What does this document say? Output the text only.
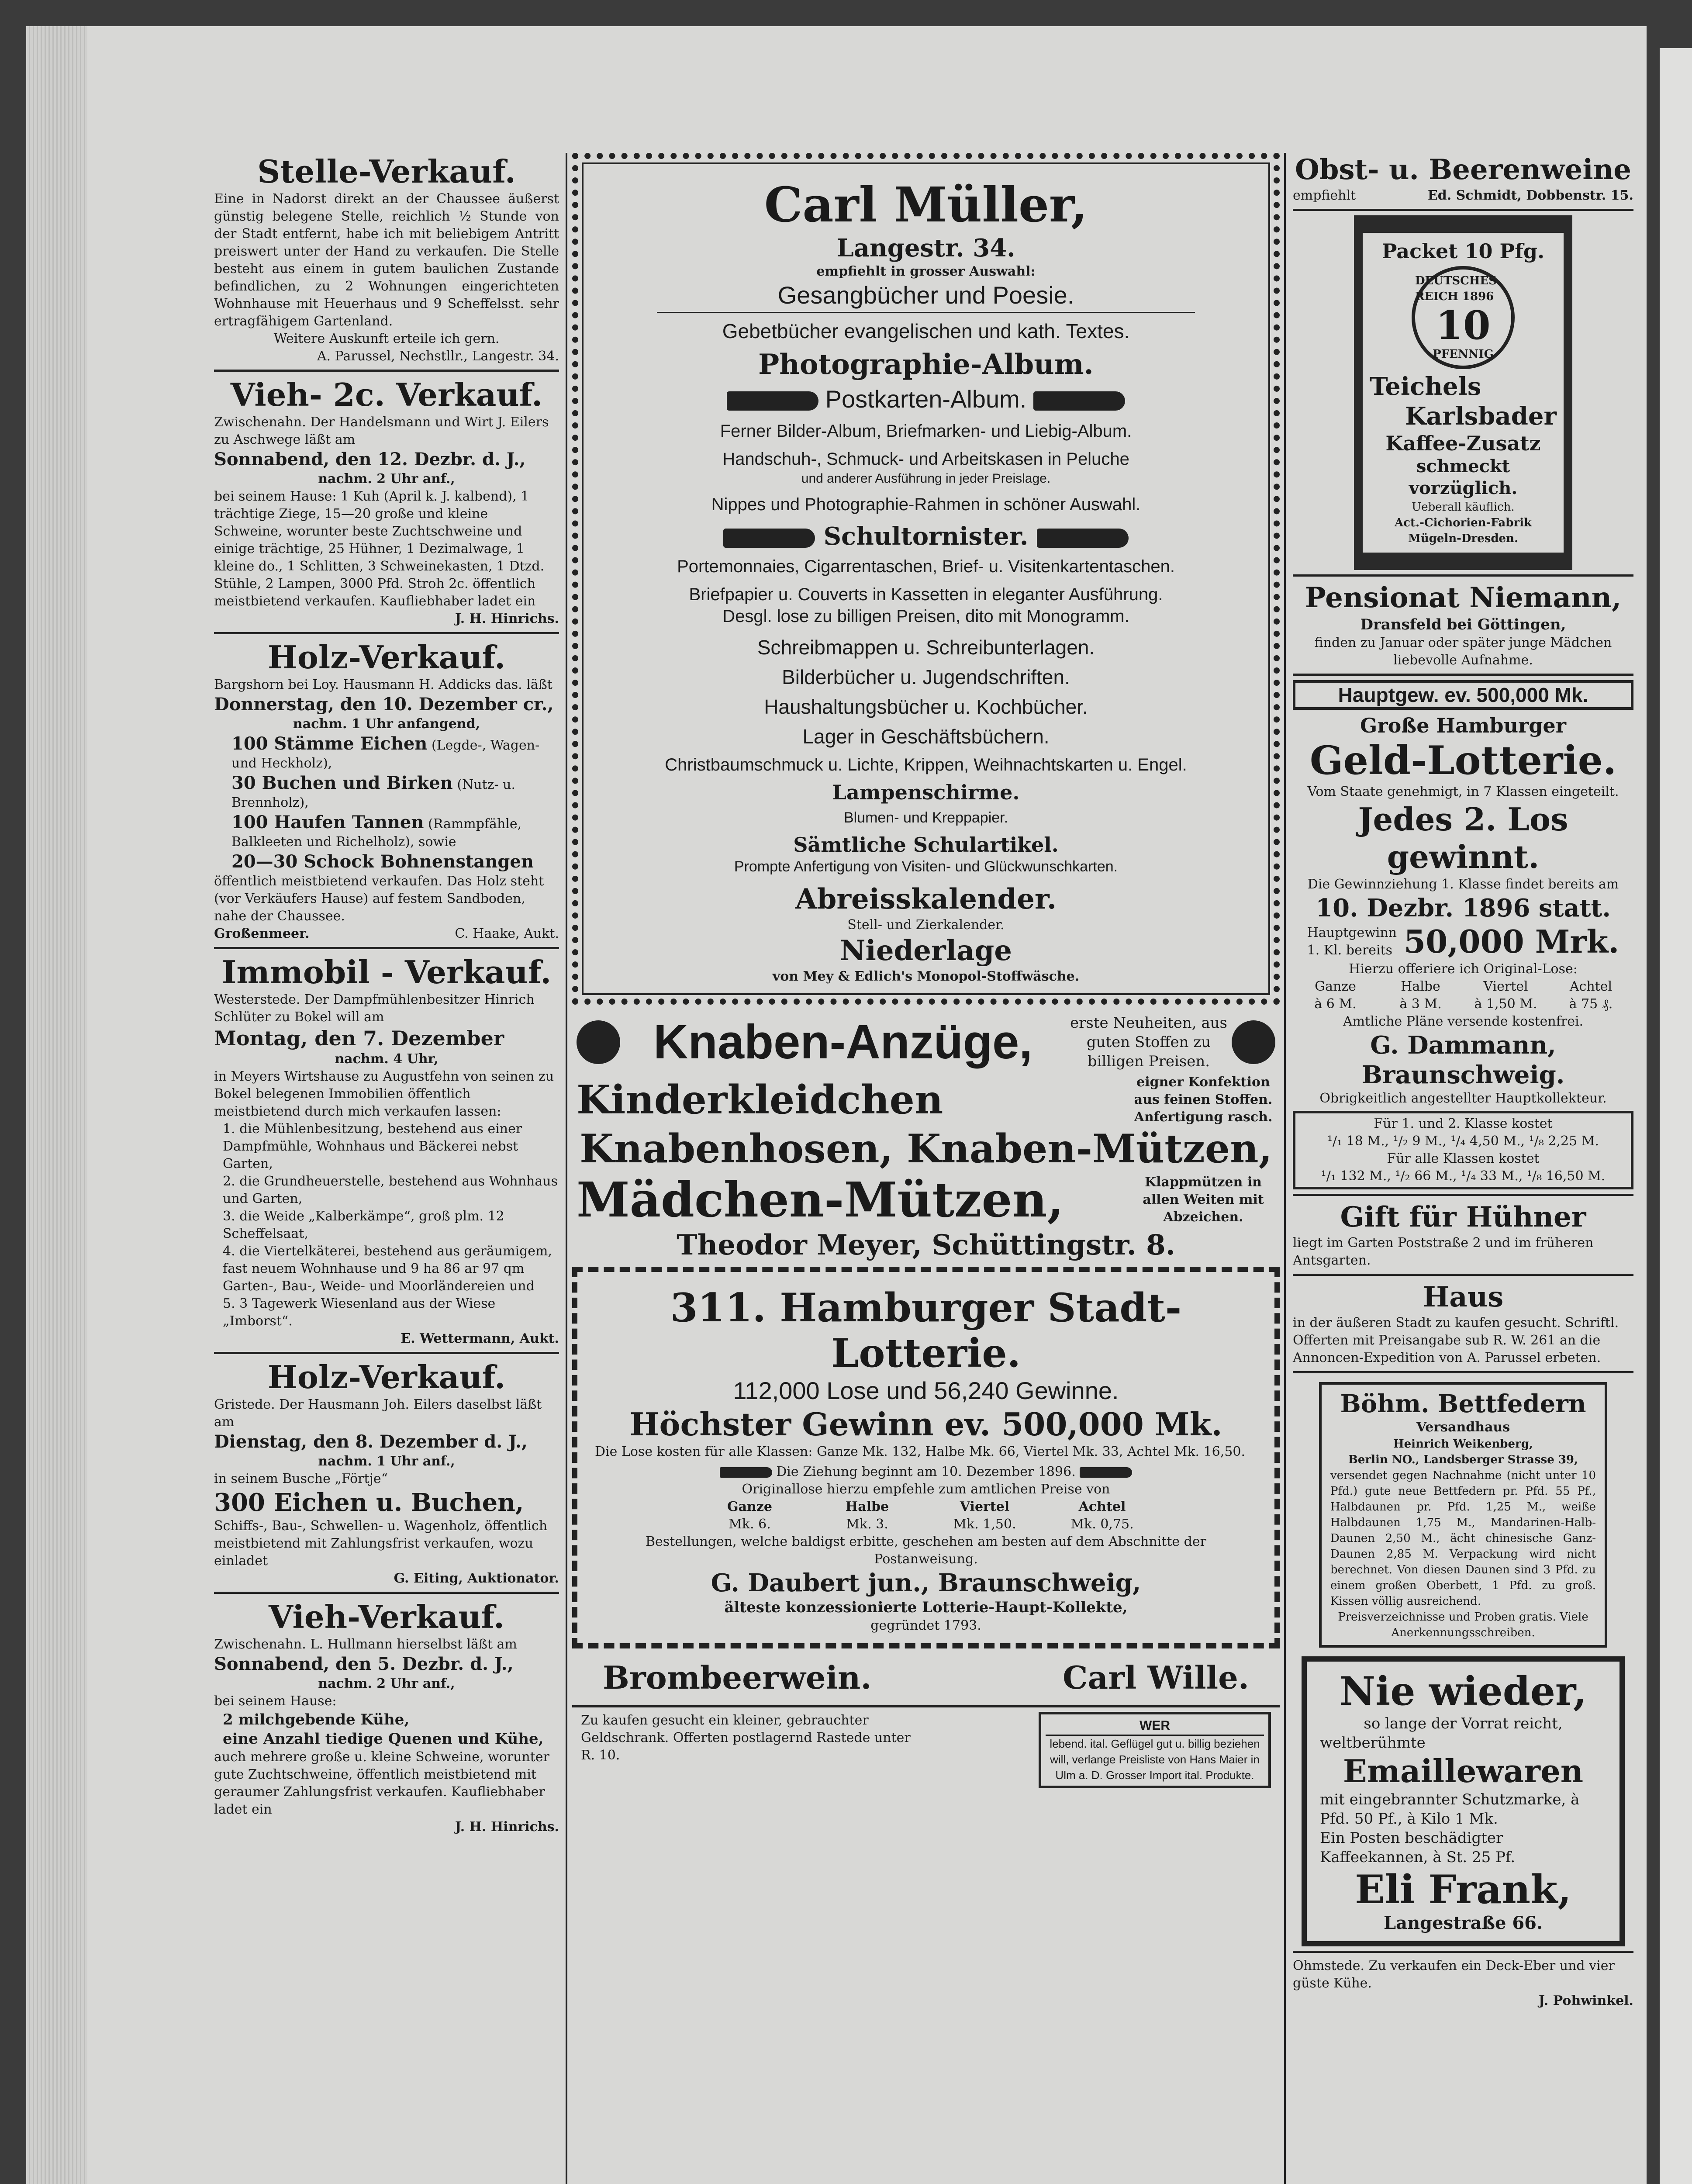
Stelle-Verkauf.
Eine in Nadorst direkt an der Chaussee äußerst günstig belegene Stelle, reichlich ½ Stunde von der Stadt entfernt, habe ich mit beliebigem Antritt preiswert unter der Hand zu verkaufen. Die Stelle besteht aus einem in gutem baulichen Zustande befindlichen, zu 2 Wohnungen eingerichteten Wohnhause mit Heuerhaus und 9 Scheffelsst. sehr ertragfähigem Gartenland.
Weitere Auskunft erteile ich gern.
A. Parussel, Nechstllr., Langestr. 34.
Vieh- 2c. Verkauf.
Zwischenahn. Der Handelsmann und Wirt J. Eilers zu Aschwege läßt am
Sonnabend, den 12. Dezbr. d. J.,
nachm. 2 Uhr anf.,
bei seinem Hause: 1 Kuh (April k. J. kalbend), 1 trächtige Ziege, 15—20 große und kleine Schweine, worunter beste Zuchtschweine und einige trächtige, 25 Hühner, 1 Dezimalwage, 1 kleine do., 1 Schlitten, 3 Schweinekasten, 1 Dtzd. Stühle, 2 Lampen, 3000 Pfd. Stroh 2c. öffentlich meistbietend verkaufen. Kaufliebhaber ladet ein
J. H. Hinrichs.
Holz-Verkauf.
Bargshorn bei Loy. Hausmann H. Addicks das. läßt
Donnerstag, den 10. Dezember cr.,
nachm. 1 Uhr anfangend,
100 Stämme Eichen (Legde-, Wagen- und Heckholz),
30 Buchen und Birken (Nutz- u. Brennholz),
100 Haufen Tannen (Rammpfähle, Balkleeten und Richelholz), sowie
20—30 Schock Bohnenstangen
öffentlich meistbietend verkaufen. Das Holz steht (vor Verkäufers Hause) auf festem Sandboden, nahe der Chaussee.
Großenmeer.	C. Haake, Aukt.
Immobil - Verkauf.
Westerstede. Der Dampfmühlenbesitzer Hinrich Schlüter zu Bokel will am
Montag, den 7. Dezember
nachm. 4 Uhr,
in Meyers Wirtshause zu Augustfehn von seinen zu Bokel belegenen Immobilien öffentlich meistbietend durch mich verkaufen lassen:
1. die Mühlenbesitzung, bestehend aus einer Dampfmühle, Wohnhaus und Bäckerei nebst Garten,
2. die Grundheuerstelle, bestehend aus Wohnhaus und Garten,
3. die Weide „Kalberkämpe“, groß plm. 12 Scheffelsaat,
4. die Viertelkäterei, bestehend aus geräumigem, fast neuem Wohnhause und 9 ha 86 ar 97 qm Garten-, Bau-, Weide- und Moorländereien und
5. 3 Tagewerk Wiesenland aus der Wiese „Imborst“.
E. Wettermann, Aukt.
Holz-Verkauf.
Gristede. Der Hausmann Joh. Eilers daselbst läßt am
Dienstag, den 8. Dezember d. J.,
nachm. 1 Uhr anf.,
in seinem Busche „Förtje“
300 Eichen u. Buchen,
Schiffs-, Bau-, Schwellen- u. Wagenholz, öffentlich meistbietend mit Zahlungsfrist verkaufen, wozu einladet
G. Eiting, Auktionator.
Vieh-Verkauf.
Zwischenahn. L. Hullmann hierselbst läßt am
Sonnabend, den 5. Dezbr. d. J.,
nachm. 2 Uhr anf.,
bei seinem Hause:
2 milchgebende Kühe,
eine Anzahl tiedige Quenen und Kühe,
auch mehrere große u. kleine Schweine, worunter gute Zuchtschweine, öffentlich meistbietend mit geraumer Zahlungsfrist verkaufen. Kaufliebhaber ladet ein
J. H. Hinrichs.
Carl Müller,
Langestr. 34.
empfiehlt in grosser Auswahl:
Gesangbücher und Poesie.
Gebetbücher evangelischen und kath. Textes.
Photographie-Album.
Postkarten-Album.
Ferner Bilder-Album, Briefmarken- und Liebig-Album.
Handschuh-, Schmuck- und Arbeitskasen in Peluche
und anderer Ausführung in jeder Preislage.
Nippes und Photographie-Rahmen in schöner Auswahl.
Schultornister.
Portemonnaies, Cigarrentaschen, Brief- u. Visitenkartentaschen.
Briefpapier u. Couverts in Kassetten in eleganter Ausführung.
Desgl. lose zu billigen Preisen, dito mit Monogramm.
Schreibmappen u. Schreibunterlagen.
Bilderbücher u. Jugendschriften.
Haushaltungsbücher u. Kochbücher.
Lager in Geschäftsbüchern.
Christbaumschmuck u. Lichte, Krippen, Weihnachtskarten u. Engel.
Lampenschirme.
Blumen- und Kreppapier.
Sämtliche Schulartikel.
Prompte Anfertigung von Visiten- und Glückwunschkarten.
Abreisskalender.
Stell- und Zierkalender.
Niederlage
von Mey & Edlich's Monopol-Stoffwäsche.
Knaben-Anzüge,	erste Neuheiten, aus guten Stoffen zu billigen Preisen.
Kinderkleidchen	eigner Konfektion aus feinen Stoffen. Anfertigung rasch.
Knabenhosen, Knaben-Mützen,
Mädchen-Mützen,	Klappmützen in allen Weiten mit Abzeichen.
Theodor Meyer, Schüttingstr. 8.
311. Hamburger Stadt-Lotterie.
112,000 Lose und 56,240 Gewinne.
Höchster Gewinn ev. 500,000 Mk.
Die Lose kosten für alle Klassen: Ganze Mk. 132, Halbe Mk. 66, Viertel Mk. 33, Achtel Mk. 16,50.
Die Ziehung beginnt am 10. Dezember 1896.
Originallose hierzu empfehle zum amtlichen Preise von
Ganze	Halbe	Viertel	Achtel
Mk. 6.	Mk. 3.	Mk. 1,50.	Mk. 0,75.
Bestellungen, welche baldigst erbitte, geschehen am besten auf dem Abschnitte der Postanweisung.
G. Daubert jun., Braunschweig,
älteste konzessionierte Lotterie-Haupt-Kollekte,
gegründet 1793.
Brombeerwein.	Carl Wille.
Zu kaufen gesucht ein kleiner, gebrauchter Geldschrank. Offerten postlagernd Rastede unter R. 10.
WER
lebend. ital. Geflügel gut u. billig beziehen will, verlange Preisliste von Hans Maier in Ulm a. D. Grosser Import ital. Produkte.
Obst- u. Beerenweine
empfiehlt	Ed. Schmidt, Dobbenstr. 15.
Packet 10 Pfg.
DEUTSCHES REICH 1896
10
PFENNIG
Teichels
Karlsbader
Kaffee-Zusatz
schmeckt
vorzüglich.
Ueberall käuflich.
Act.-Cichorien-Fabrik Mügeln-Dresden.
Pensionat Niemann,
Dransfeld bei Göttingen,
finden zu Januar oder später junge Mädchen liebevolle Aufnahme.
Hauptgew. ev. 500,000 Mk.
Große Hamburger
Geld-Lotterie.
Vom Staate genehmigt, in 7 Klassen eingeteilt.
Jedes 2. Los gewinnt.
Die Gewinnziehung 1. Klasse findet bereits am
10. Dezbr. 1896 statt.
Hauptgewinn
1. Kl. bereits 50,000 Mrk.
Hierzu offeriere ich Original-Lose:
Ganze	Halbe	Viertel	Achtel
à 6 M.	à 3 M.	à 1,50 M.	à 75 ₰.
Amtliche Pläne versende kostenfrei.
G. Dammann, Braunschweig.
Obrigkeitlich angestellter Hauptkollekteur.
Für 1. und 2. Klasse kostet
¹/₁ 18 M., ¹/₂ 9 M., ¹/₄ 4,50 M., ¹/₈ 2,25 M.
Für alle Klassen kostet
¹/₁ 132 M., ¹/₂ 66 M., ¹/₄ 33 M., ¹/₈ 16,50 M.
Gift für Hühner
liegt im Garten Poststraße 2 und im früheren Antsgarten.
Haus
in der äußeren Stadt zu kaufen gesucht. Schriftl. Offerten mit Preisangabe sub R. W. 261 an die Annoncen-Expedition von A. Parussel erbeten.
Böhm. Bettfedern
Versandhaus
Heinrich Weikenberg,
Berlin NO., Landsberger Strasse 39,
versendet gegen Nachnahme (nicht unter 10 Pfd.) gute neue Bettfedern pr. Pfd. 55 Pf., Halbdaunen pr. Pfd. 1,25 M., weiße Halbdaunen 1,75 M., Mandarinen-Halb-Daunen 2,50 M., ächt chinesische Ganz-Daunen 2,85 M. Verpackung wird nicht berechnet. Von diesen Daunen sind 3 Pfd. zu einem großen Oberbett, 1 Pfd. zu groß. Kissen völlig ausreichend.
Preisverzeichnisse und Proben gratis. Viele Anerkennungsschreiben.
Nie wieder,
so lange der Vorrat reicht,
weltberühmte
Emaillewaren
mit eingebrannter Schutzmarke, à Pfd. 50 Pf., à Kilo 1 Mk.
Ein Posten beschädigter Kaffeekannen, à St. 25 Pf.
Eli Frank,
Langestraße 66.
Ohmstede. Zu verkaufen ein Deck-Eber und vier güste Kühe.
J. Pohwinkel.
